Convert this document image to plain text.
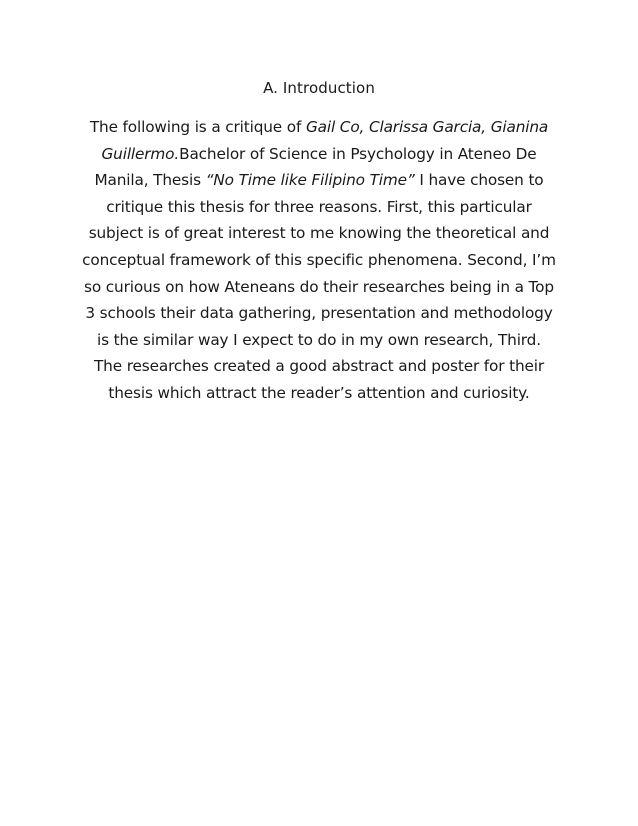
A. Introduction
The following is a critique of Gail Co, Clarissa Garcia, Gianina
Guillermo.Bachelor of Science in Psychology in Ateneo De
Manila, Thesis “No Time like Filipino Time” I have chosen to
critique this thesis for three reasons. First, this particular
subject is of great interest to me knowing the theoretical and
conceptual framework of this specific phenomena. Second, I’m
so curious on how Ateneans do their researches being in a Top
3 schools their data gathering, presentation and methodology
is the similar way I expect to do in my own research, Third.
The researches created a good abstract and poster for their
thesis which attract the reader’s attention and curiosity.
